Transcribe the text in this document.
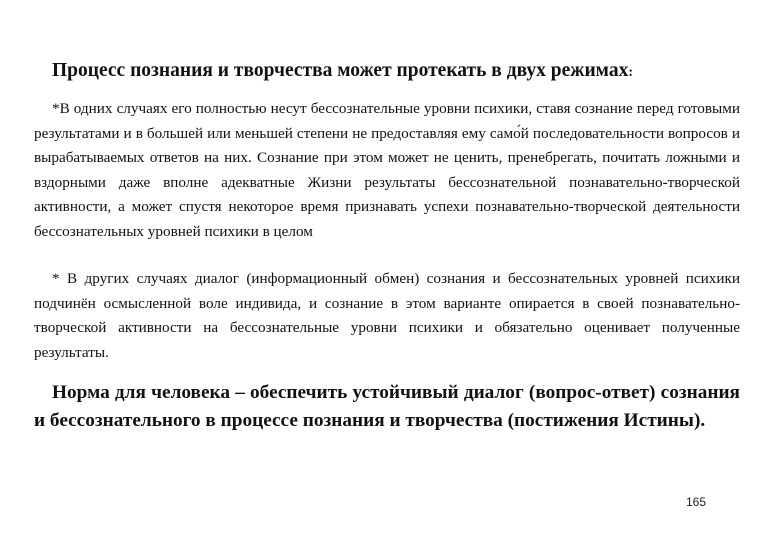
Процесс познания и творчества может протекать в двух режимах:

*В одних случаях его полностью несут бессознательные уровни психики, ставя сознание перед готовыми результатами и в большей или меньшей степени не предоставляя ему само́й последовательности вопросов и вырабатываемых ответов на них. Сознание при этом может не ценить, пренебрегать, почитать ложными и вздорными даже вполне адекватные Жизни результаты бессознательной познавательно-творческой активности, а может спустя некоторое время признавать успехи познавательно-творческой деятельности бессознательных уровней психики в целом

* В других случаях диалог (информационный обмен) сознания и бессознательных уровней психики подчинён осмысленной воле индивида, и сознание в этом варианте опирается в своей познавательно-творческой активности на бессознательные уровни психики и обязательно оценивает полученные результаты.

Норма для человека – обеспечить устойчивый диалог (вопрос-ответ) сознания и бессознательного в процессе познания и творчества (постижения Истины).

165
